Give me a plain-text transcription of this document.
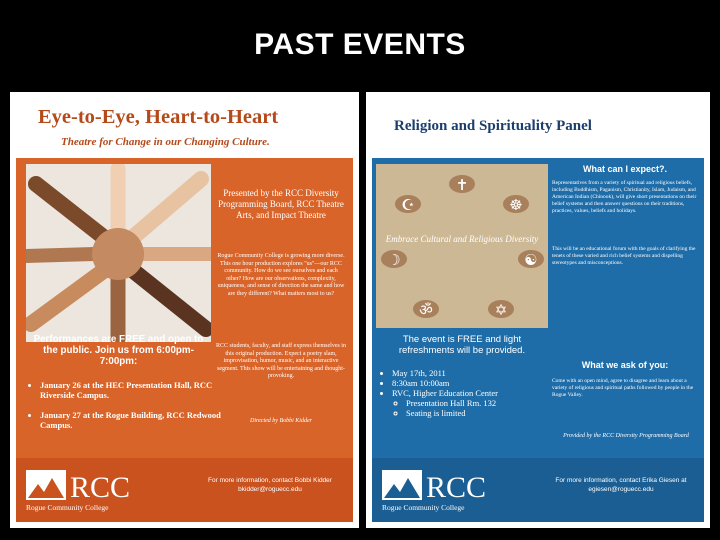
PAST EVENTS
Eye-to-Eye, Heart-to-Heart
Theatre for Change in our Changing Culture.
Presented by the RCC Diversity Programming Board, RCC Theatre Arts, and Impact Theatre
Rogue Community College is growing more diverse. This one hour production explores "us"—our RCC community. How do we see ourselves and each other? How are our observations, complexity, uniqueness, and sense of direction the same and how are they different? What matters most to us?
RCC students, faculty, and staff express themselves in this original production. Expect a poetry slam, improvisation, humor, music, and an interactive segment. This show will be entertaining and thought-provoking.
Directed by Bobbi Kidder
Performances are FREE and open to the public. Join us from 6:00pm-7:00pm:
• January 26 at the HEC Presentation Hall, RCC Riverside Campus.
• January 27 at the Rogue Building, RCC Redwood Campus.
RCC
Rogue Community College
For more information, contact Bobbi Kidder bkidder@roguecc.edu
Religion and Spirituality Panel
✝
☸
☯
✡
ॐ
☽
☪
Embrace Cultural and Religious Diversity
What can I expect?.
Representatives from a variety of spiritual and religious beliefs, including Buddhism, Paganism, Christianity, Islam, Judaism, and American Indian (Chinook), will give short presentations on their belief systems and then answer questions on their traditions, practices, values, beliefs and holidays.
This will be an educational forum with the goals of clarifying the tenets of these varied and rich belief systems and dispelling stereotypes and misconceptions.
The event is FREE and light refreshments will be provided.
• May 17th, 2011
• 8:30am 10:00am
• RVC, Higher Education Center
◦ Presentation Hall Rm. 132
◦ Seating is limited
What we ask of you:
Come with an open mind, agree to disagree and learn about a variety of religious and spiritual paths followed by people in the Rogue Valley.
Provided by the RCC Diversity Programming Board
RCC
Rogue Community College
For more information, contact Erika Giesen at egiesen@roguecc.edu
